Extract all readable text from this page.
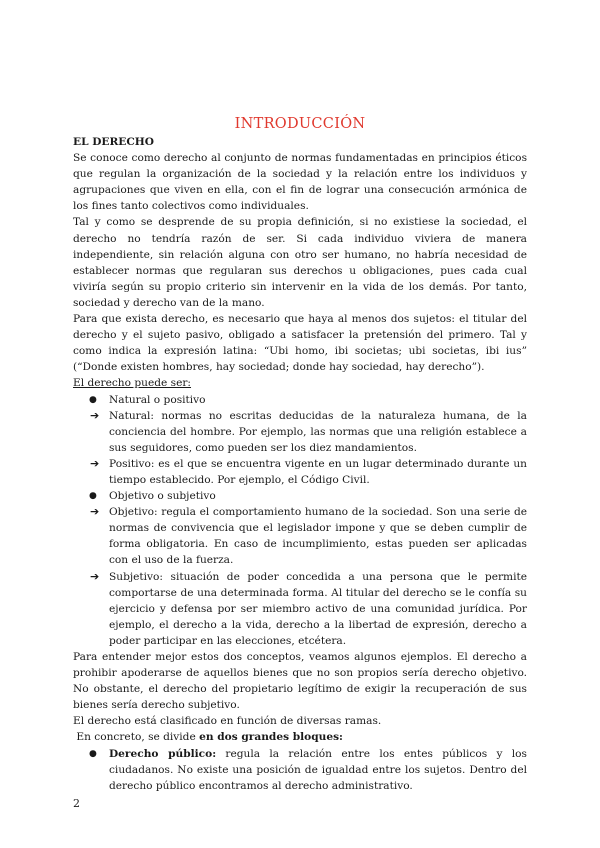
INTRODUCCIÓN

EL DERECHO

Se conoce como derecho al conjunto de normas fundamentadas en principios éticos que regulan la organización de la sociedad y la relación entre los individuos y agrupaciones que viven en ella, con el fin de lograr una consecución armónica de los fines tanto colectivos como individuales.

Tal y como se desprende de su propia definición, si no existiese la sociedad, el derecho no tendría razón de ser. Si cada individuo viviera de manera independiente, sin relación alguna con otro ser humano, no habría necesidad de establecer normas que regularan sus derechos u obligaciones, pues cada cual viviría según su propio criterio sin intervenir en la vida de los demás. Por tanto, sociedad y derecho van de la mano.

Para que exista derecho, es necesario que haya al menos dos sujetos: el titular del derecho y el sujeto pasivo, obligado a satisfacer la pretensión del primero. Tal y como indica la expresión latina: “Ubi homo, ibi societas; ubi societas, ibi ius” (“Donde existen hombres, hay sociedad; donde hay sociedad, hay derecho”).

El derecho puede ser:

● Natural o positivo
➔ Natural: normas no escritas deducidas de la naturaleza humana, de la conciencia del hombre. Por ejemplo, las normas que una religión establece a sus seguidores, como pueden ser los diez mandamientos.
➔ Positivo: es el que se encuentra vigente en un lugar determinado durante un tiempo establecido. Por ejemplo, el Código Civil.
● Objetivo o subjetivo
➔ Objetivo: regula el comportamiento humano de la sociedad. Son una serie de normas de convivencia que el legislador impone y que se deben cumplir de forma obligatoria. En caso de incumplimiento, estas pueden ser aplicadas con el uso de la fuerza.
➔ Subjetivo: situación de poder concedida a una persona que le permite comportarse de una determinada forma. Al titular del derecho se le confía su ejercicio y defensa por ser miembro activo de una comunidad jurídica. Por ejemplo, el derecho a la vida, derecho a la libertad de expresión, derecho a poder participar en las elecciones, etcétera.

Para entender mejor estos dos conceptos, veamos algunos ejemplos. El derecho a prohibir apoderarse de aquellos bienes que no son propios sería derecho objetivo. No obstante, el derecho del propietario legítimo de exigir la recuperación de sus bienes sería derecho subjetivo.

El derecho está clasificado en función de diversas ramas.

En concreto, se divide en dos grandes bloques:

● Derecho público: regula la relación entre los entes públicos y los ciudadanos. No existe una posición de igualdad entre los sujetos. Dentro del derecho público encontramos al derecho administrativo.
2
